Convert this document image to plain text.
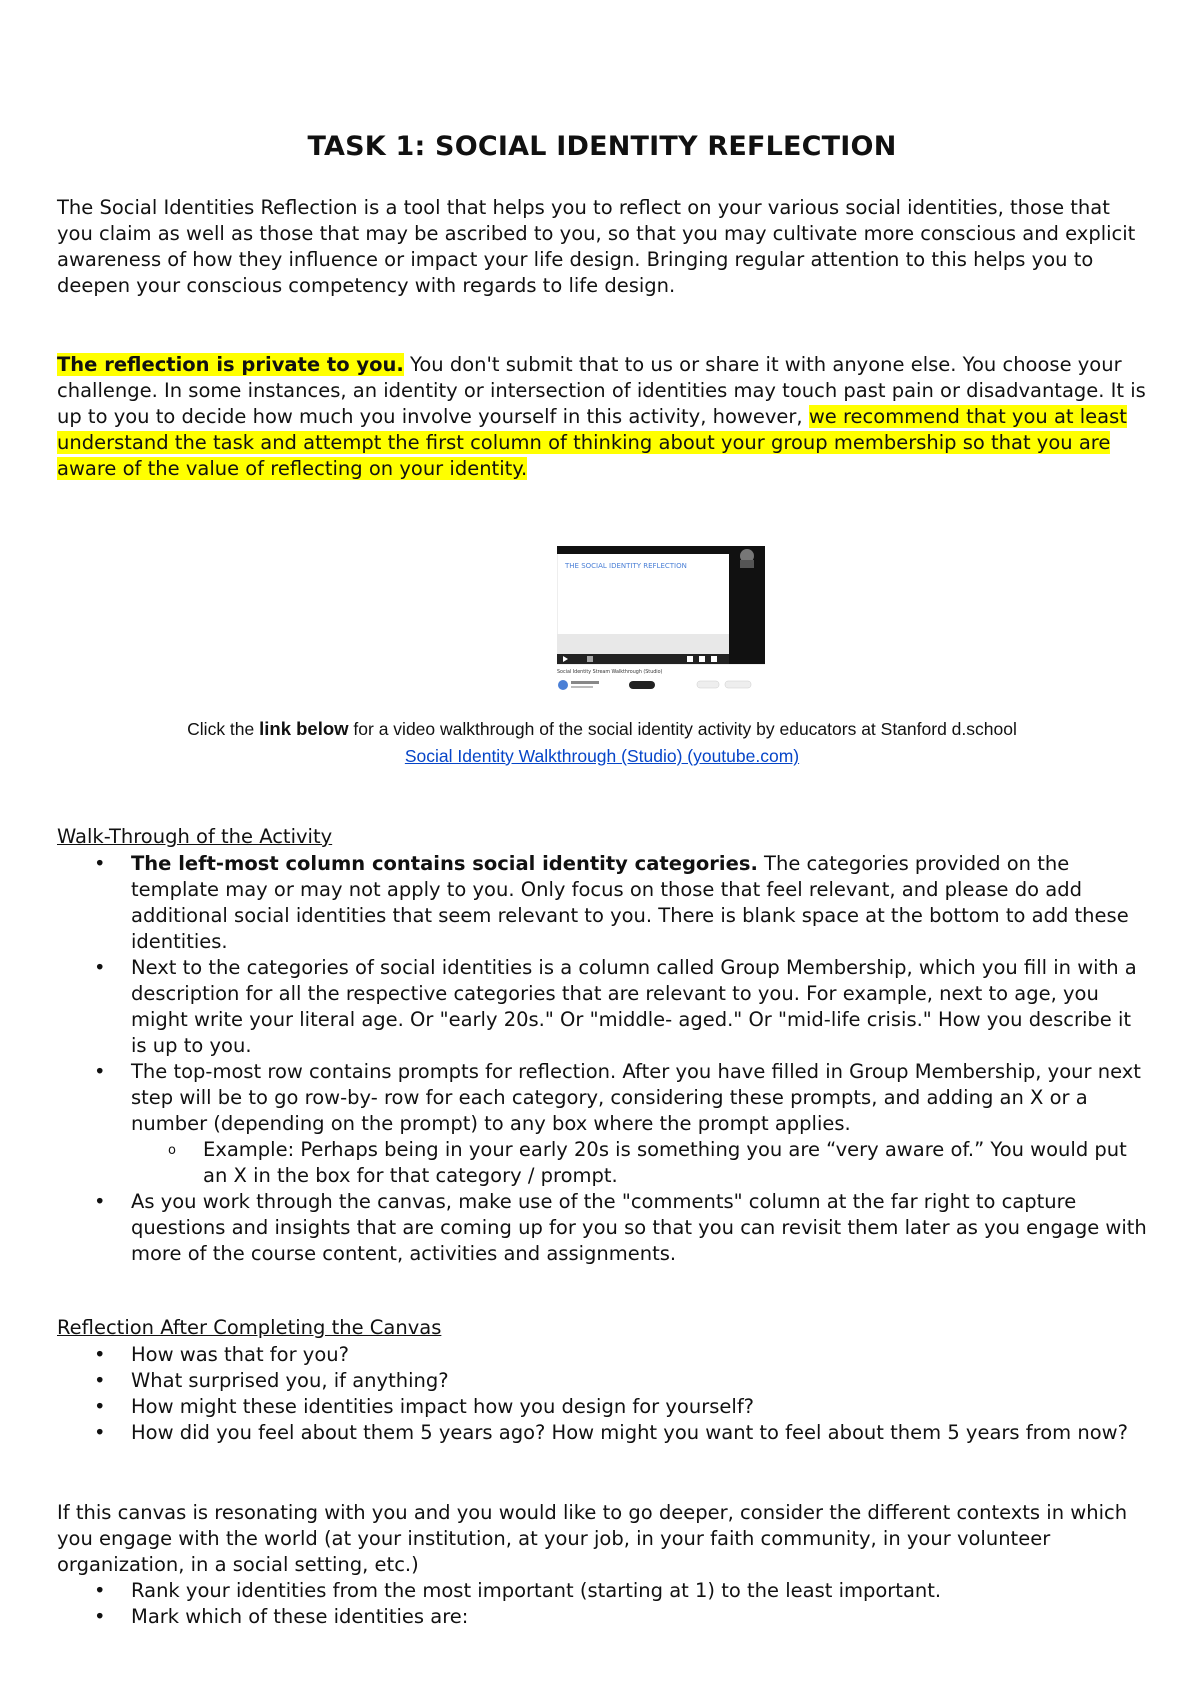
TASK 1: SOCIAL IDENTITY REFLECTION
The Social Identities Reflection is a tool that helps you to reflect on your various social identities, those that you claim as well as those that may be ascribed to you, so that you may cultivate more conscious and explicit awareness of how they influence or impact your life design. Bringing regular attention to this helps you to deepen your conscious competency with regards to life design.
The reflection is private to you. You don't submit that to us or share it with anyone else. You choose your challenge. In some instances, an identity or intersection of identities may touch past pain or disadvantage. It is up to you to decide how much you involve yourself in this activity, however, we recommend that you at least understand the task and attempt the first column of thinking about your group membership so that you are aware of the value of reflecting on your identity.
THE SOCIAL IDENTITY REFLECTION
Social Identity Stream Walkthrough (Studio)
Click the link below for a video walkthrough of the social identity activity by educators at Stanford d.school
Social Identity Walkthrough (Studio) (youtube.com)
Walk-Through of the Activity
• The left-most column contains social identity categories. The categories provided on the template may or may not apply to you. Only focus on those that feel relevant, and please do add additional social identities that seem relevant to you. There is blank space at the bottom to add these identities.
• Next to the categories of social identities is a column called Group Membership, which you fill in with a description for all the respective categories that are relevant to you. For example, next to age, you might write your literal age. Or "early 20s." Or "middle- aged." Or "mid-life crisis." How you describe it is up to you.
• The top-most row contains prompts for reflection. After you have filled in Group Membership, your next step will be to go row-by- row for each category, considering these prompts, and adding an X or a number (depending on the prompt) to any box where the prompt applies.
o Example: Perhaps being in your early 20s is something you are “very aware of.” You would put an X in the box for that category / prompt.
• As you work through the canvas, make use of the "comments" column at the far right to capture questions and insights that are coming up for you so that you can revisit them later as you engage with more of the course content, activities and assignments.
Reflection After Completing the Canvas
• How was that for you?
• What surprised you, if anything?
• How might these identities impact how you design for yourself?
• How did you feel about them 5 years ago? How might you want to feel about them 5 years from now?
If this canvas is resonating with you and you would like to go deeper, consider the different contexts in which you engage with the world (at your institution, at your job, in your faith community, in your volunteer organization, in a social setting, etc.)
• Rank your identities from the most important (starting at 1) to the least important.
• Mark which of these identities are:
